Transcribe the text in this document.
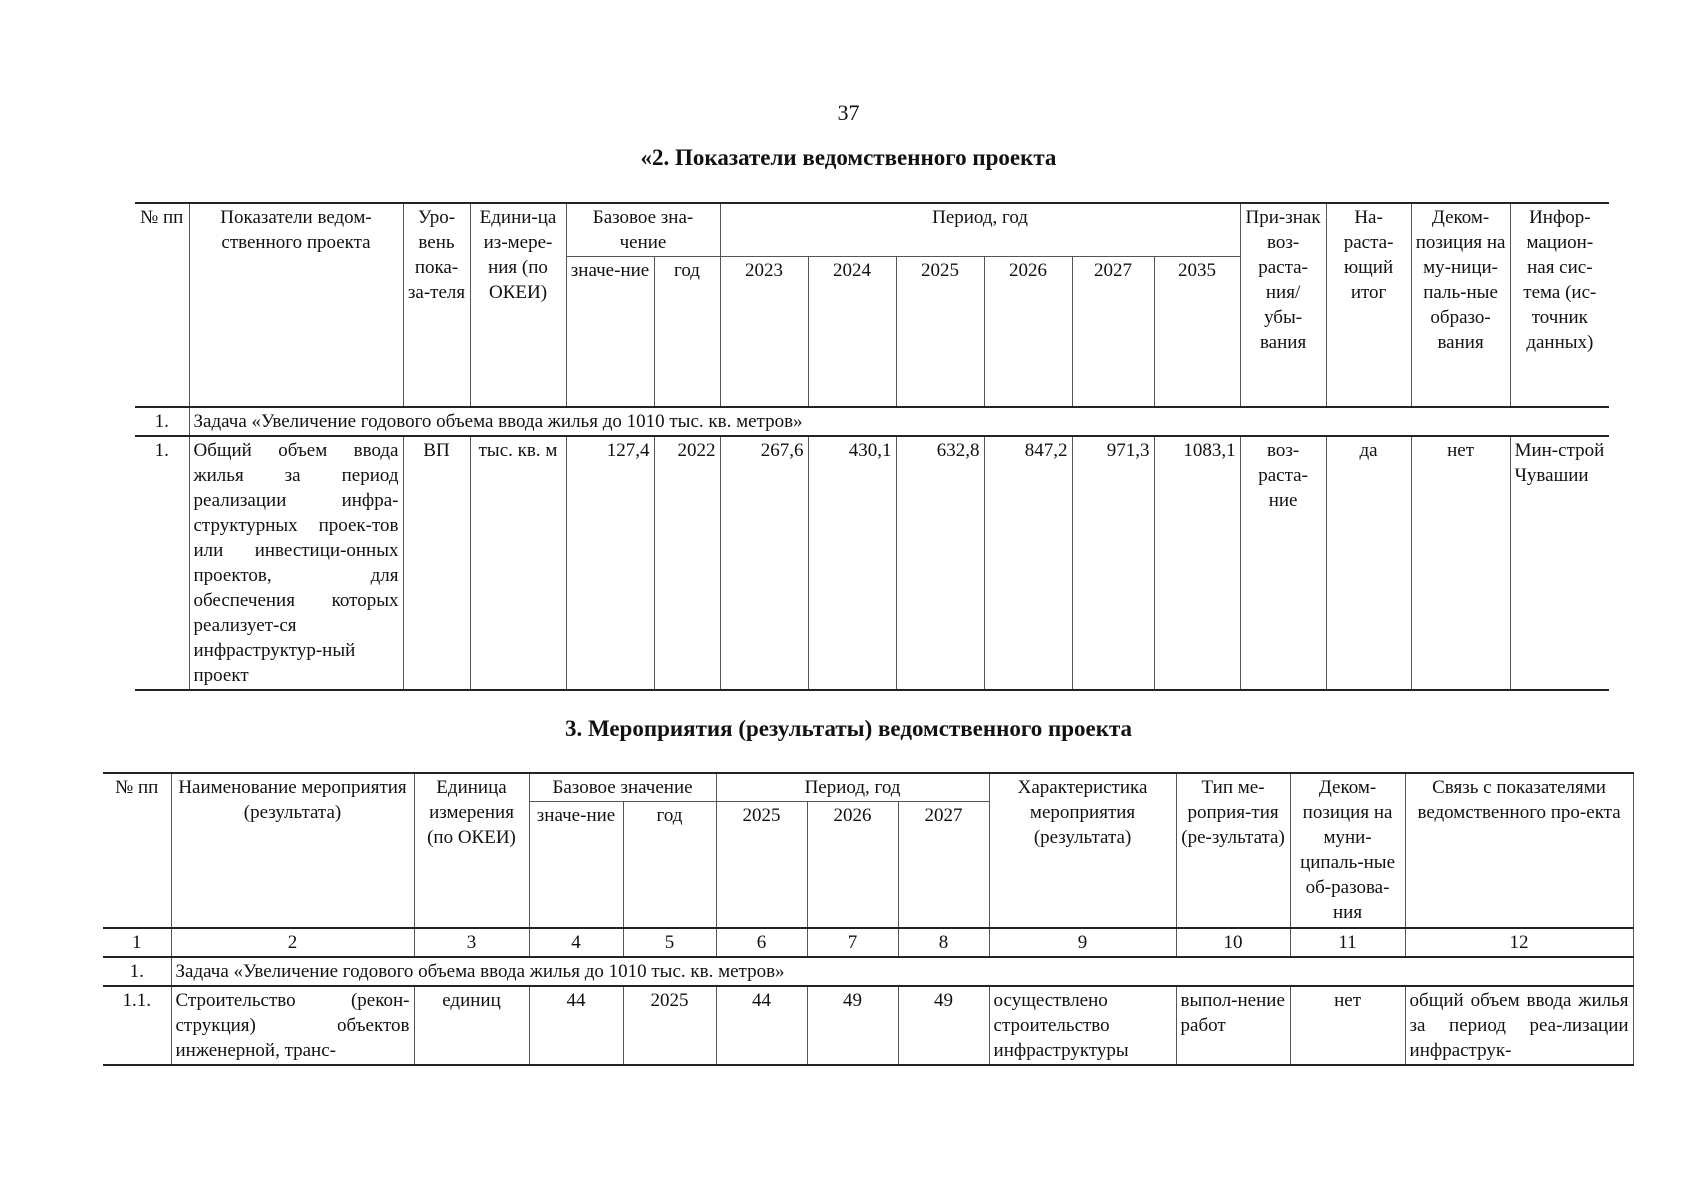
37
«2. Показатели ведомственного проекта
№ пп	Показатели ведом-ственного проекта	Уро-вень пока-за-теля	Едини-ца из-мере-ния (по ОКЕИ)	Базовое зна-чение		Период, год						При-знак воз-раста-ния/ убы-вания	На-раста-ющий итог	Деком-позиция на му-ници-паль-ные образо-вания	Инфор-мацион-ная сис-тема (ис-точник данных)
				значе-ние	год	2023	2024	2025	2026	2027	2035				
1.	Задача «Увеличение годового объема ввода жилья до 1010 тыс. кв. метров»														
1.	Общий объем ввода жилья за период реализации инфра-структурных проек-тов или инвестици-онных проектов, для обеспечения которых реализует-ся инфраструктур-ный проект	ВП	тыс. кв. м	127,4	2022	267,6	430,1	632,8	847,2	971,3	1083,1	воз-раста-ние	да	нет	Мин-строй Чувашии
3. Мероприятия (результаты) ведомственного проекта
№ пп	Наименование мероприятия (результата)	Единица измерения (по ОКЕИ)	Базовое значение		Период, год			Характеристика мероприятия (результата)	Тип ме-роприя-тия (ре-зультата)	Деком-позиция на муни-ципаль-ные об-разова-ния	Связь с показателями ведомственного про-екта
			значе-ние	год	2025	2026	2027				
1	2	3	4	5	6	7	8	9	10	11	12
1.	Задача «Увеличение годового объема ввода жилья до 1010 тыс. кв. метров»										
1.1.	Строительство (рекон-струкция) объектов инженерной, транс-	единиц	44	2025	44	49	49	осуществлено строительство инфраструктуры	выпол-нение работ	нет	общий объем ввода жилья за период реа-лизации инфраструк-
